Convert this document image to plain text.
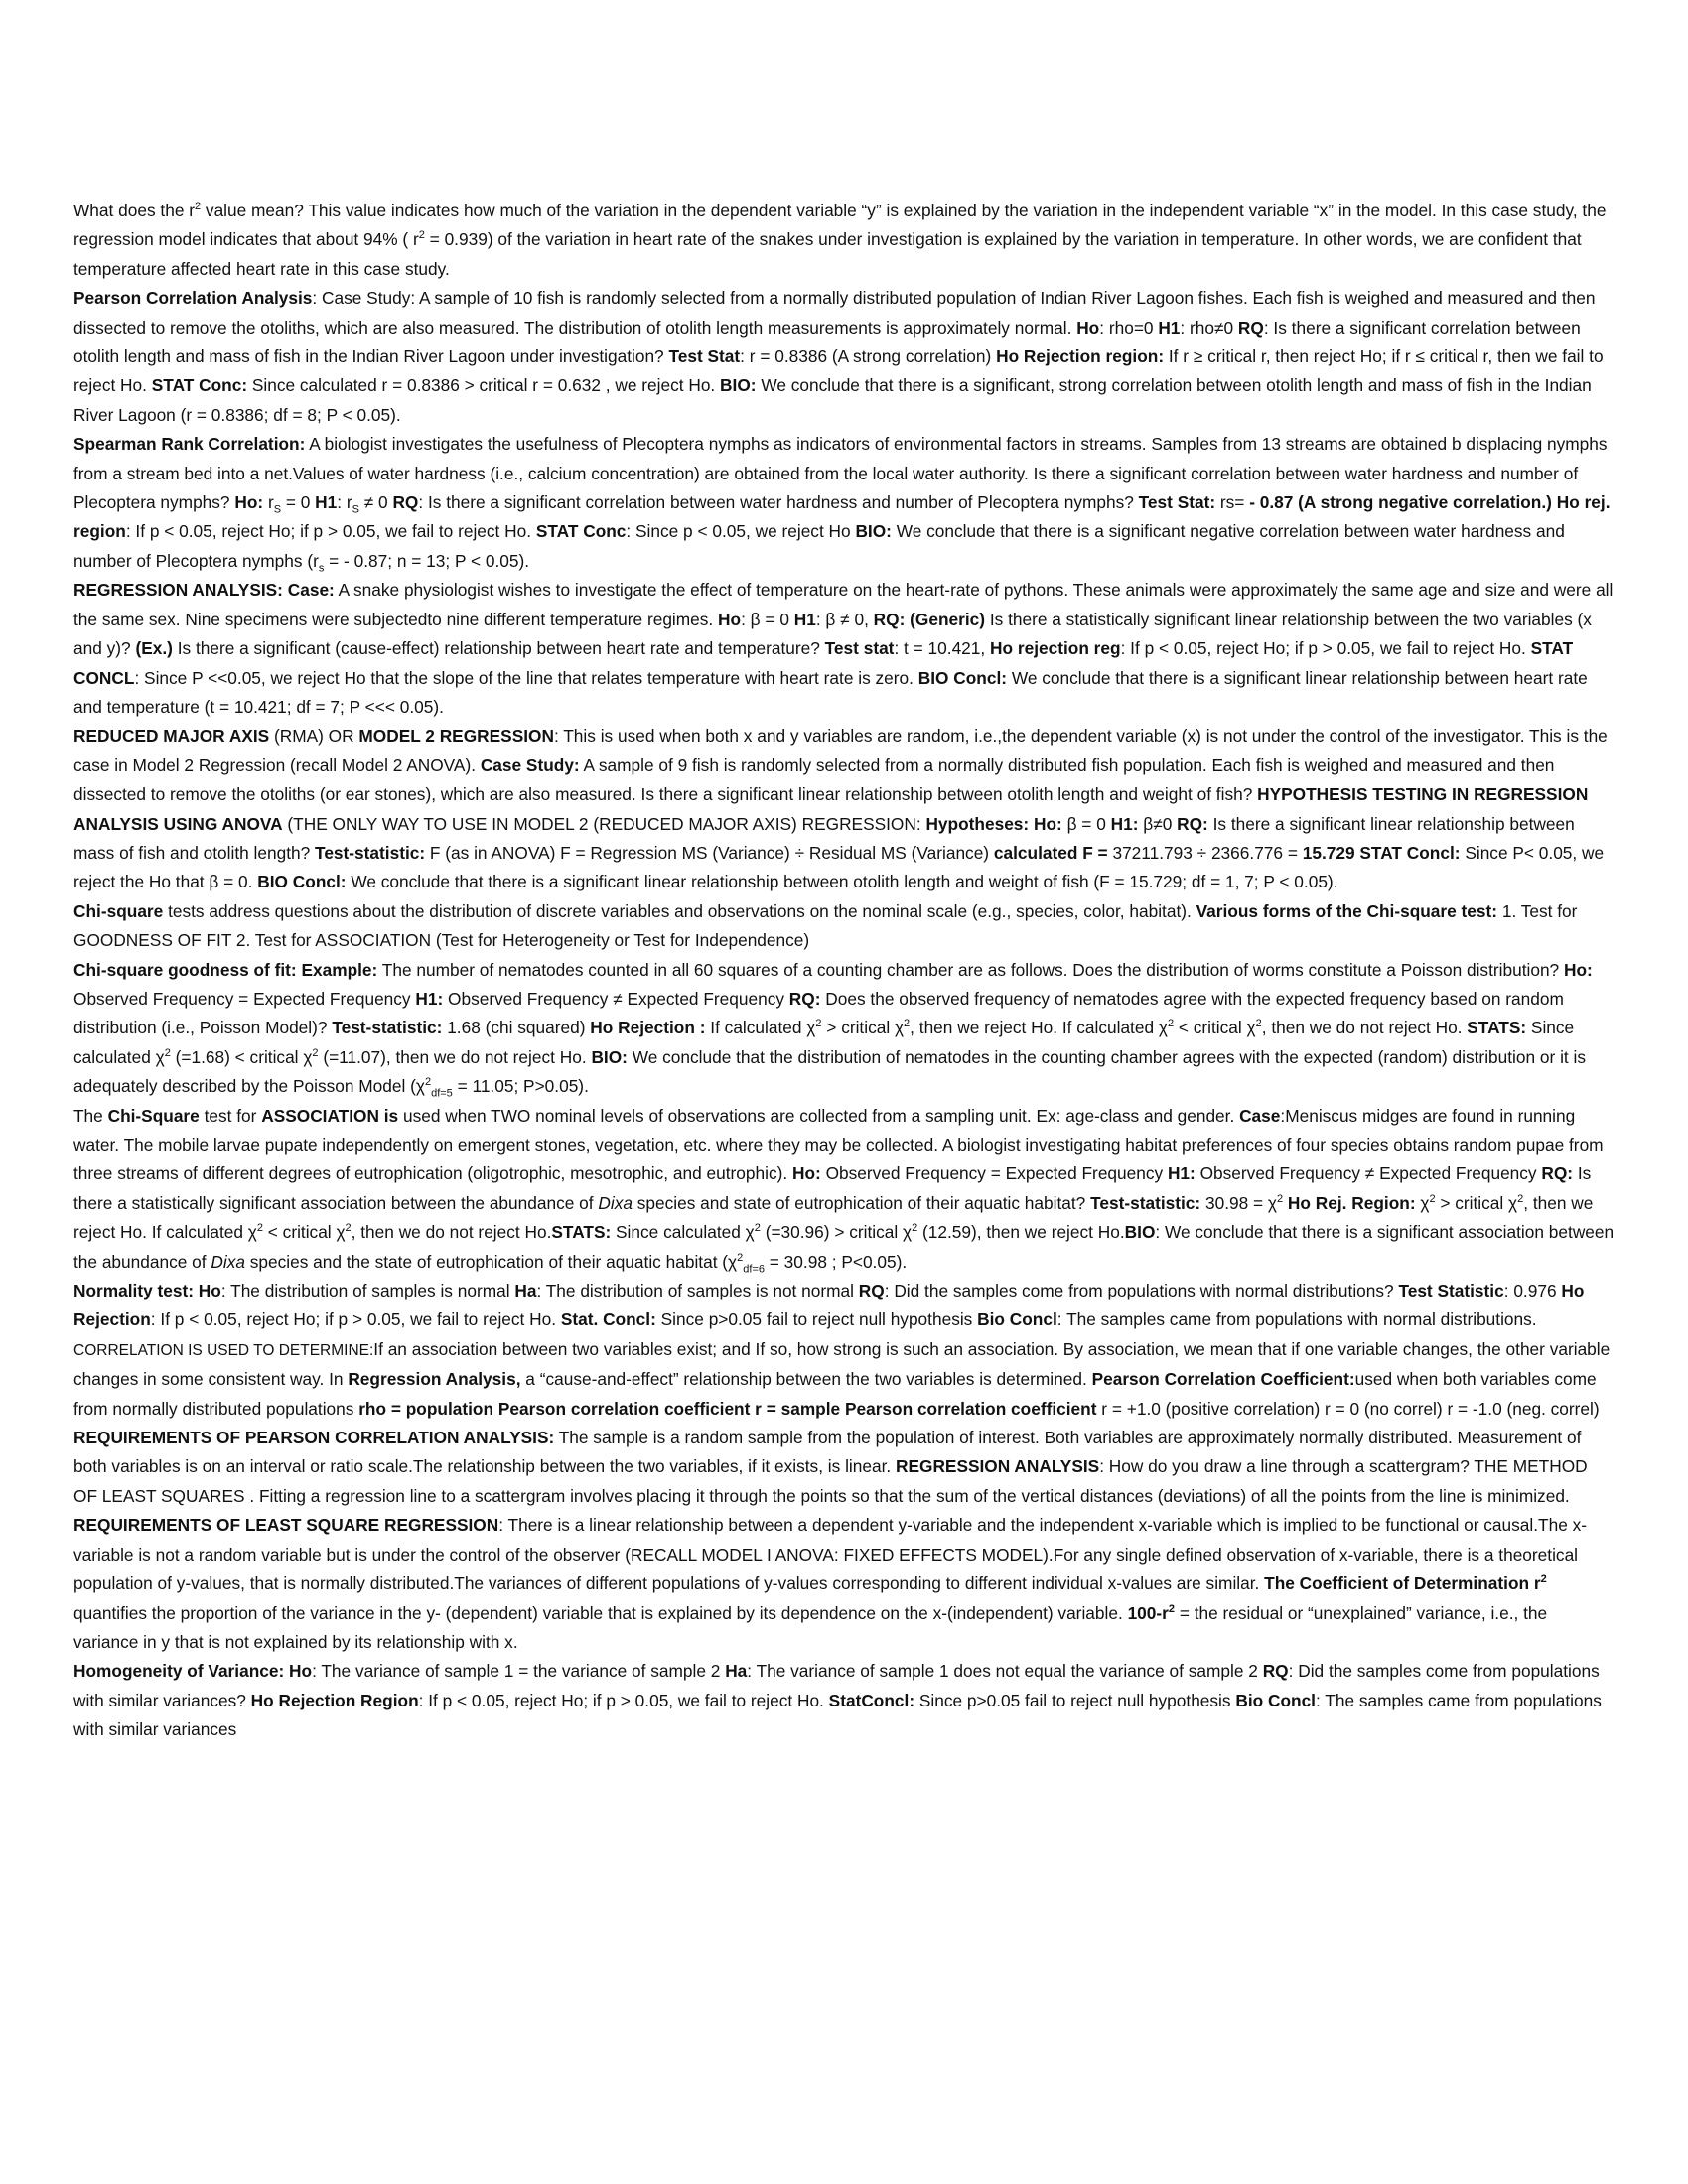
What does the $r^2$ value mean? This value indicates how much of the variation in the dependent variable “y” is explained by the variation in the independent variable “x” in the model. In this case study, the regression model indicates that about 94% ( $r^2 = 0.939$) of the variation in heart rate of the snakes under investigation is explained by the variation in temperature. In other words, we are confident that temperature affected heart rate in this case study.

Pearson Correlation Analysis: Case Study: A sample of 10 fish is randomly selected from a normally distributed population of Indian River Lagoon fishes. Each fish is weighed and measured and then dissected to remove the otoliths, which are also measured. The distribution of otolith length measurements is approximately normal. Ho: rho=0 H1: rho≠0 RQ: Is there a significant correlation between otolith length and mass of fish in the Indian River Lagoon under investigation? Test Stat: r = 0.8386 (A strong correlation) Ho Rejection region: If r ≥ critical r, then reject Ho; if r ≤ critical r, then we fail to reject Ho. STAT Conc: Since calculated r = 0.8386 > critical r = 0.632 , we reject Ho. BIO: We conclude that there is a significant, strong correlation between otolith length and mass of fish in the Indian River Lagoon (r = 0.8386; df = 8; P < 0.05).

Spearman Rank Correlation: A biologist investigates the usefulness of Plecoptera nymphs as indicators of environmental factors in streams. Samples from 13 streams are obtained b displacing nymphs from a stream bed into a net.Values of water hardness (i.e., calcium concentration) are obtained from the local water authority. Is there a significant correlation between water hardness and number of Plecoptera nymphs? Ho: $r_S = 0$ H1: $r_S \ne 0$ RQ: Is there a significant correlation between water hardness and number of Plecoptera nymphs? Test Stat: rs= - 0.87 (A strong negative correlation.) Ho rej. region: If p < 0.05, reject Ho; if p > 0.05, we fail to reject Ho. STAT Conc: Since p < 0.05, we reject Ho BIO: We conclude that there is a significant negative correlation between water hardness and number of Plecoptera nymphs ($r_s$ = - 0.87; n = 13; P < 0.05).

REGRESSION ANALYSIS: Case: A snake physiologist wishes to investigate the effect of temperature on the heart-rate of pythons. These animals were approximately the same age and size and were all the same sex. Nine specimens were subjectedto nine different temperature regimes. Ho: β = 0 H1: β ≠ 0, RQ: (Generic) Is there a statistically significant linear relationship between the two variables (x and y)? (Ex.) Is there a significant (cause-effect) relationship between heart rate and temperature? Test stat: t = 10.421, Ho rejection reg: If p < 0.05, reject Ho; if p > 0.05, we fail to reject Ho. STAT CONCL: Since P <<0.05, we reject Ho that the slope of the line that relates temperature with heart rate is zero. BIO Concl: We conclude that there is a significant linear relationship between heart rate and temperature (t = 10.421; df = 7; P <<< 0.05).

REDUCED MAJOR AXIS (RMA) OR MODEL 2 REGRESSION: This is used when both x and y variables are random, i.e.,the dependent variable (x) is not under the control of the investigator. This is the case in Model 2 Regression (recall Model 2 ANOVA). Case Study: A sample of 9 fish is randomly selected from a normally distributed fish population. Each fish is weighed and measured and then dissected to remove the otoliths (or ear stones), which are also measured. Is there a significant linear relationship between otolith length and weight of fish? HYPOTHESIS TESTING IN REGRESSION ANALYSIS USING ANOVA (THE ONLY WAY TO USE IN MODEL 2 (REDUCED MAJOR AXIS) REGRESSION: Hypotheses: Ho: β = 0 H1: β≠0 RQ: Is there a significant linear relationship between mass of fish and otolith length? Test-statistic: F (as in ANOVA) F = Regression MS (Variance) ÷ Residual MS (Variance) calculated F = 37211.793 ÷ 2366.776 = 15.729 STAT Concl: Since P< 0.05, we reject the Ho that β = 0. BIO Concl: We conclude that there is a significant linear relationship between otolith length and weight of fish (F = 15.729; df = 1, 7; P < 0.05).

Chi-square tests address questions about the distribution of discrete variables and observations on the nominal scale (e.g., species, color, habitat). Various forms of the Chi-square test: 1. Test for GOODNESS OF FIT 2. Test for ASSOCIATION (Test for Heterogeneity or Test for Independence)

Chi-square goodness of fit: Example: The number of nematodes counted in all 60 squares of a counting chamber are as follows. Does the distribution of worms constitute a Poisson distribution? Ho: Observed Frequency = Expected Frequency H1: Observed Frequency ≠ Expected Frequency RQ: Does the observed frequency of nematodes agree with the expected frequency based on random distribution (i.e., Poisson Model)? Test-statistic: 1.68 (chi squared) Ho Rejection : If calculated $\chi^2$ > critical $\chi^2$, then we reject Ho. If calculated $\chi^2$ < critical $\chi^2$, then we do not reject Ho. STATS: Since calculated $\chi^2$ (=1.68) < critical $\chi^2$ (=11.07), then we do not reject Ho. BIO: We conclude that the distribution of nematodes in the counting chamber agrees with the expected (random) distribution or it is adequately described by the Poisson Model ($\chi^2_{df=5} = 11.05$; P>0.05).

The Chi-Square test for ASSOCIATION is used when TWO nominal levels of observations are collected from a sampling unit. Ex: age-class and gender. Case:Meniscus midges are found in running water. The mobile larvae pupate independently on emergent stones, vegetation, etc. where they may be collected. A biologist investigating habitat preferences of four species obtains random pupae from three streams of different degrees of eutrophication (oligotrophic, mesotrophic, and eutrophic). Ho: Observed Frequency = Expected Frequency H1: Observed Frequency ≠ Expected Frequency RQ: Is there a statistically significant association between the abundance of Dixa species and state of eutrophication of their aquatic habitat? Test-statistic: $30.98 = \chi^2$ Ho Rej. Region: $\chi^2$ > critical $\chi^2$, then we reject Ho. If calculated $\chi^2$ < critical $\chi^2$, then we do not reject Ho.STATS: Since calculated $\chi^2$ (=30.96) > critical $\chi^2$ (12.59), then we reject Ho.BIO: We conclude that there is a significant association between the abundance of Dixa species and the state of eutrophication of their aquatic habitat ($\chi^2_{df=6} = 30.98$ ; P<0.05).

Normality test: Ho: The distribution of samples is normal Ha: The distribution of samples is not normal RQ: Did the samples come from populations with normal distributions? Test Statistic: 0.976 Ho Rejection: If p < 0.05, reject Ho; if p > 0.05, we fail to reject Ho. Stat. Concl: Since p>0.05 fail to reject null hypothesis Bio Concl: The samples came from populations with normal distributions.

CORRELATION IS USED TO DETERMINE:If an association between two variables exist; and If so, how strong is such an association. By association, we mean that if one variable changes, the other variable changes in some consistent way. In Regression Analysis, a “cause-and-effect” relationship between the two variables is determined. Pearson Correlation Coefficient:used when both variables come from normally distributed populations rho = population Pearson correlation coefficient r = sample Pearson correlation coefficient r = +1.0 (positive correlation) r = 0 (no correl) r = -1.0 (neg. correl) REQUIREMENTS OF PEARSON CORRELATION ANALYSIS: The sample is a random sample from the population of interest. Both variables are approximately normally distributed. Measurement of both variables is on an interval or ratio scale.The relationship between the two variables, if it exists, is linear. REGRESSION ANALYSIS: How do you draw a line through a scattergram? THE METHOD OF LEAST SQUARES . Fitting a regression line to a scattergram involves placing it through the points so that the sum of the vertical distances (deviations) of all the points from the line is minimized. REQUIREMENTS OF LEAST SQUARE REGRESSION: There is a linear relationship between a dependent y-variable and the independent x-variable which is implied to be functional or causal.The x-variable is not a random variable but is under the control of the observer (RECALL MODEL I ANOVA: FIXED EFFECTS MODEL).For any single defined observation of x-variable, there is a theoretical population of y-values, that is normally distributed.The variances of different populations of y-values corresponding to different individual x-values are similar. The Coefficient of Determination $r^2$ quantifies the proportion of the variance in the y- (dependent) variable that is explained by its dependence on the x-(independent) variable. $100-r^2$ = the residual or “unexplained” variance, i.e., the variance in y that is not explained by its relationship with x.

Homogeneity of Variance: Ho: The variance of sample 1 = the variance of sample 2 Ha: The variance of sample 1 does not equal the variance of sample 2 RQ: Did the samples come from populations with similar variances? Ho Rejection Region: If p < 0.05, reject Ho; if p > 0.05, we fail to reject Ho. StatConcl: Since p>0.05 fail to reject null hypothesis Bio Concl: The samples came from populations with similar variances
